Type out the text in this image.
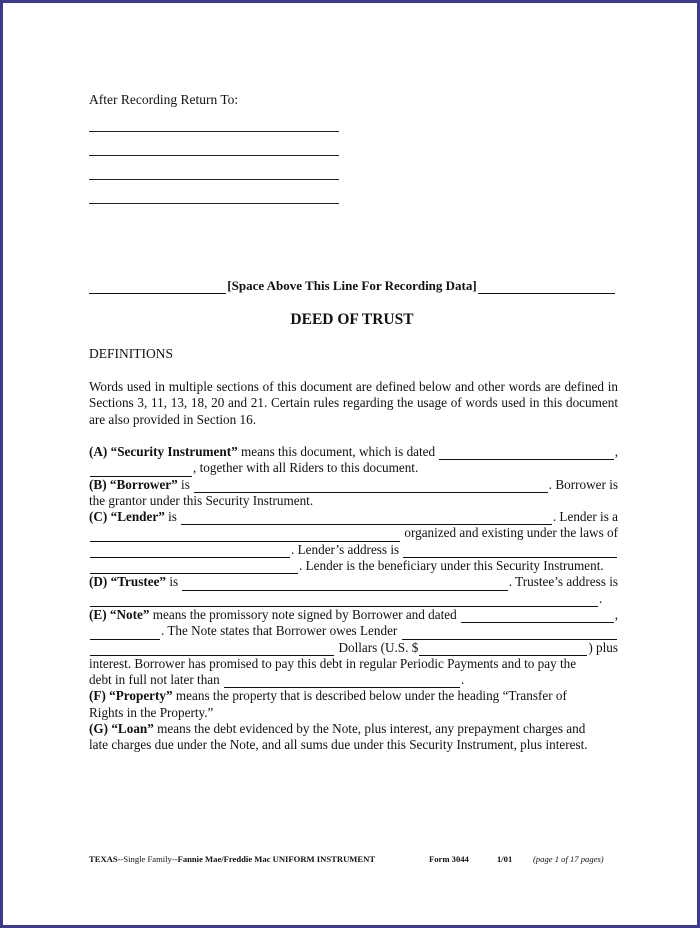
After Recording Return To:
[Space Above This Line For Recording Data]
DEED OF TRUST
DEFINITIONS
Words used in multiple sections of this document are defined below and other words are defined in Sections 3, 11, 13, 18, 20 and 21. Certain rules regarding the usage of words used in this document are also provided in Section 16.
(A) “Security Instrument”
means this document, which is dated
	,
, together with all Riders to this document.
(B) “Borrower”
is
	. Borrower is
the grantor under this Security Instrument.
(C) “Lender”
is
	. Lender is a

organized and existing under the laws of
. Lender’s address is

. Lender is the beneficiary under this Security Instrument.
(D) “Trustee”
is
	. Trustee’s address is
.
(E) “Note”
means the promissory note signed by Borrower and dated
	,
. The Note states that Borrower owes Lender

Dollars (U.S. $	) plus
interest. Borrower has promised to pay this debt in regular Periodic Payments and to pay the
debt in full not later than
	.
(F) “Property”
means the property that is described below under the heading “Transfer of
Rights in the Property.”
(G) “Loan”
means the debt evidenced by the Note, plus interest, any prepayment charges and
late charges due under the Note, and all sums due under this Security Instrument, plus interest.
TEXAS--Single Family--Fannie Mae/Freddie Mac UNIFORM INSTRUMENT	Form 3044	1/01	(page 1 of 17 pages)
